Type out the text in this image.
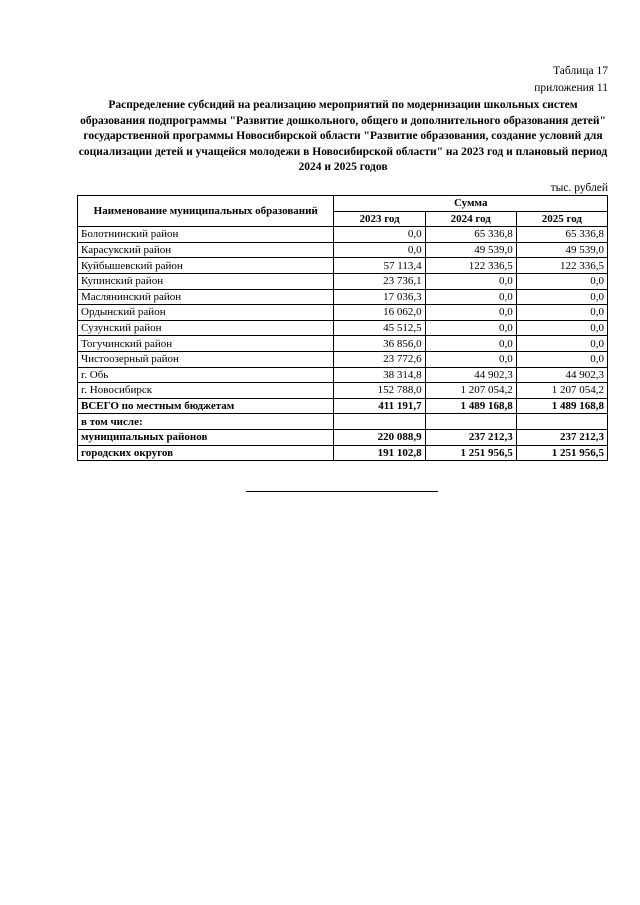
Таблица 17
приложения 11
Распределение субсидий на реализацию мероприятий по модернизации школьных систем образования подпрограммы "Развитие дошкольного, общего и дополнительного образования детей" государственной программы Новосибирской области "Развитие образования, создание условий для социализации детей и учащейся молодежи в Новосибирской области" на 2023 год и плановый период 2024 и 2025 годов
тыс. рублей
Наименование муниципальных образований	Сумма		
	2023 год	2024 год	2025 год
Болотнинский район	0,0	65 336,8	65 336,8
Карасукский район	0,0	49 539,0	49 539,0
Куйбышевский район	57 113,4	122 336,5	122 336,5
Купинский район	23 736,1	0,0	0,0
Маслянинский район	17 036,3	0,0	0,0
Ордынский район	16 062,0	0,0	0,0
Сузунский район	45 512,5	0,0	0,0
Тогучинский район	36 856,0	0,0	0,0
Чистоозерный район	23 772,6	0,0	0,0
г. Обь	38 314,8	44 902,3	44 902,3
г. Новосибирск	152 788,0	1 207 054,2	1 207 054,2
ВСЕГО по местным бюджетам	411 191,7	1 489 168,8	1 489 168,8
в том числе:			
муниципальных районов	220 088,9	237 212,3	237 212,3
городских округов	191 102,8	1 251 956,5	1 251 956,5
